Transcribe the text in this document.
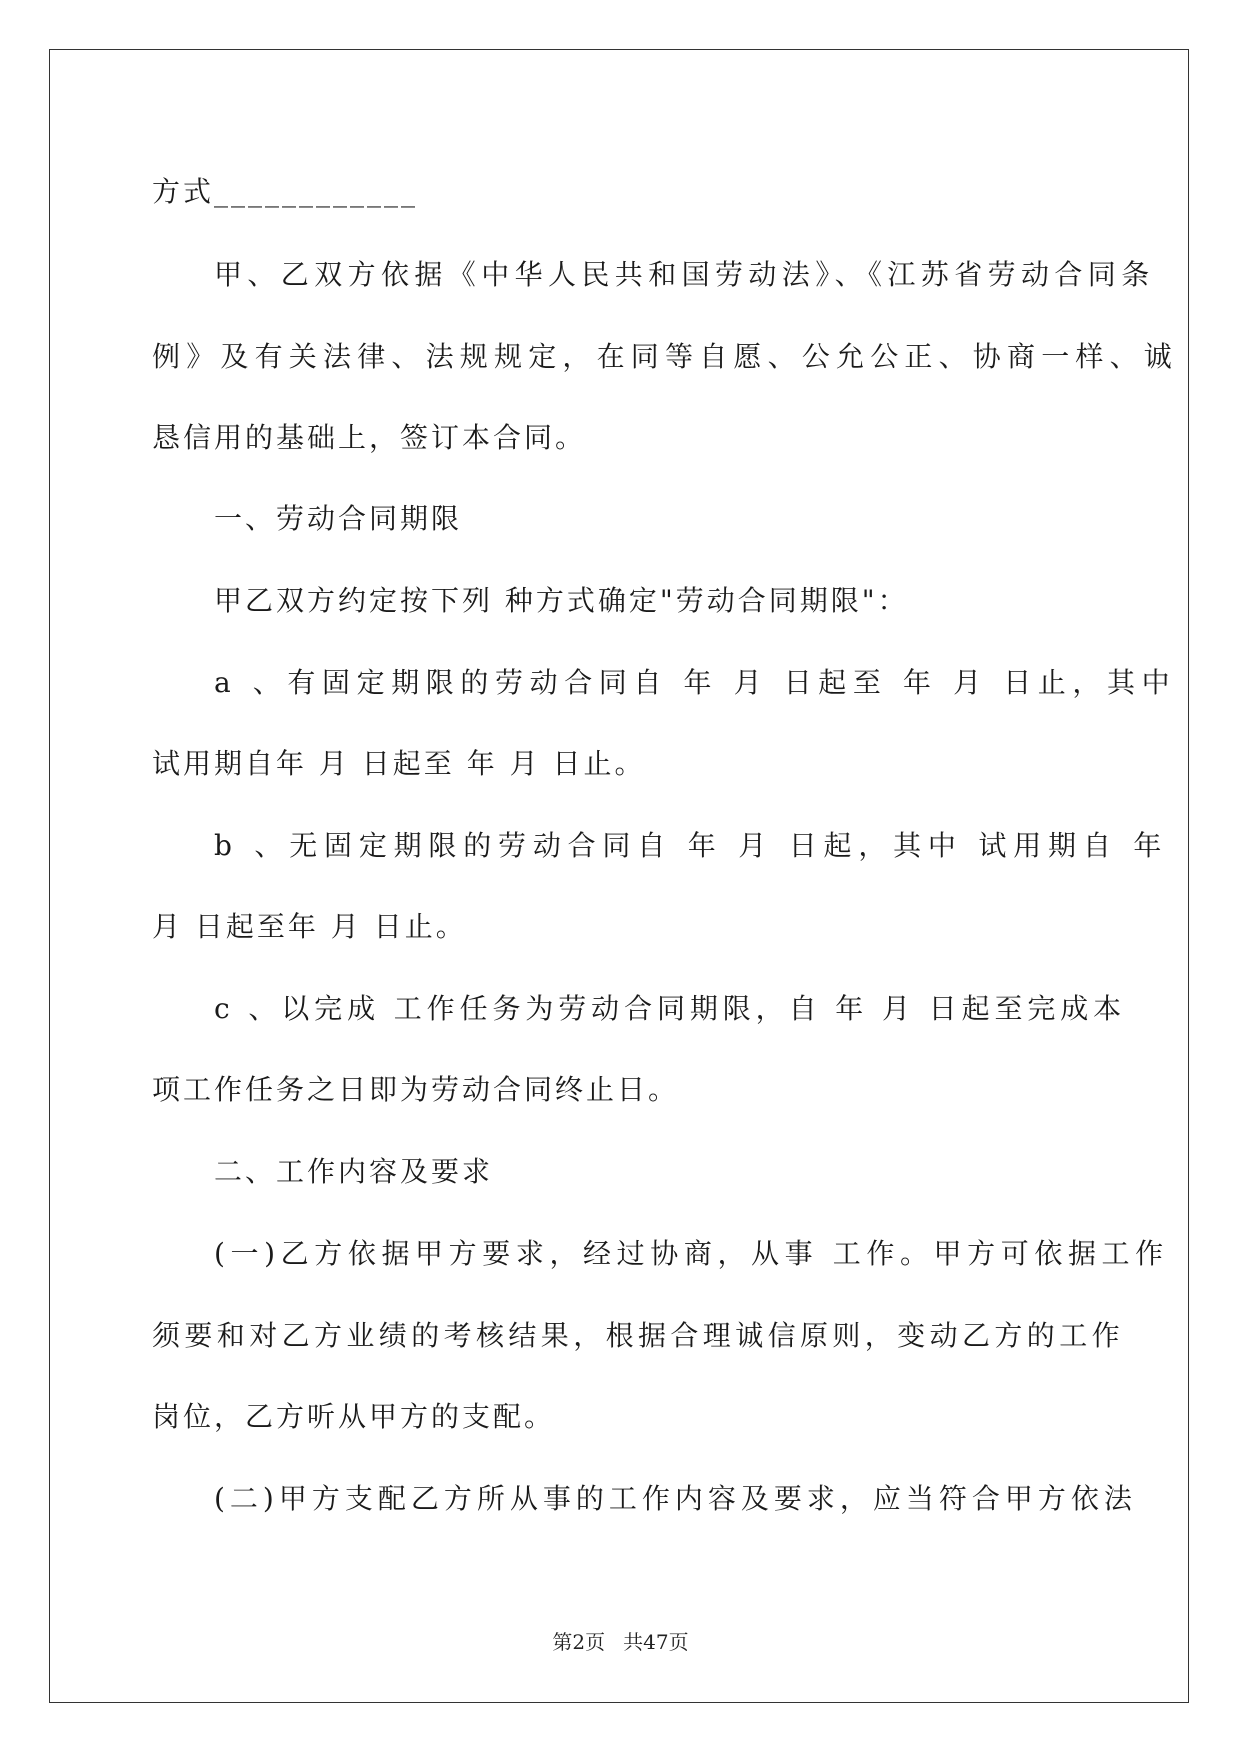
方式____________
甲、乙双方依据《中华人民共和国劳动法》、《江苏省劳动合同条
例》及有关法律、法规规定，在同等自愿、公允公正、协商一样、诚
恳信用的基础上，签订本合同。
一、劳动合同期限
甲乙双方约定按下列 种方式确定"劳动合同期限"：
a 、有固定期限的劳动合同自 年 月 日起至 年 月 日止，其中
试用期自年 月 日起至 年 月 日止。
b 、无固定期限的劳动合同自 年 月 日起，其中 试用期自 年
月 日起至年 月 日止。
c 、以完成 工作任务为劳动合同期限，自 年 月 日起至完成本
项工作任务之日即为劳动合同终止日。
二、工作内容及要求
(一)乙方依据甲方要求，经过协商，从事 工作。甲方可依据工作
须要和对乙方业绩的考核结果，根据合理诚信原则，变动乙方的工作
岗位，乙方听从甲方的支配。
(二)甲方支配乙方所从事的工作内容及要求，应当符合甲方依法
第2页 共47页
